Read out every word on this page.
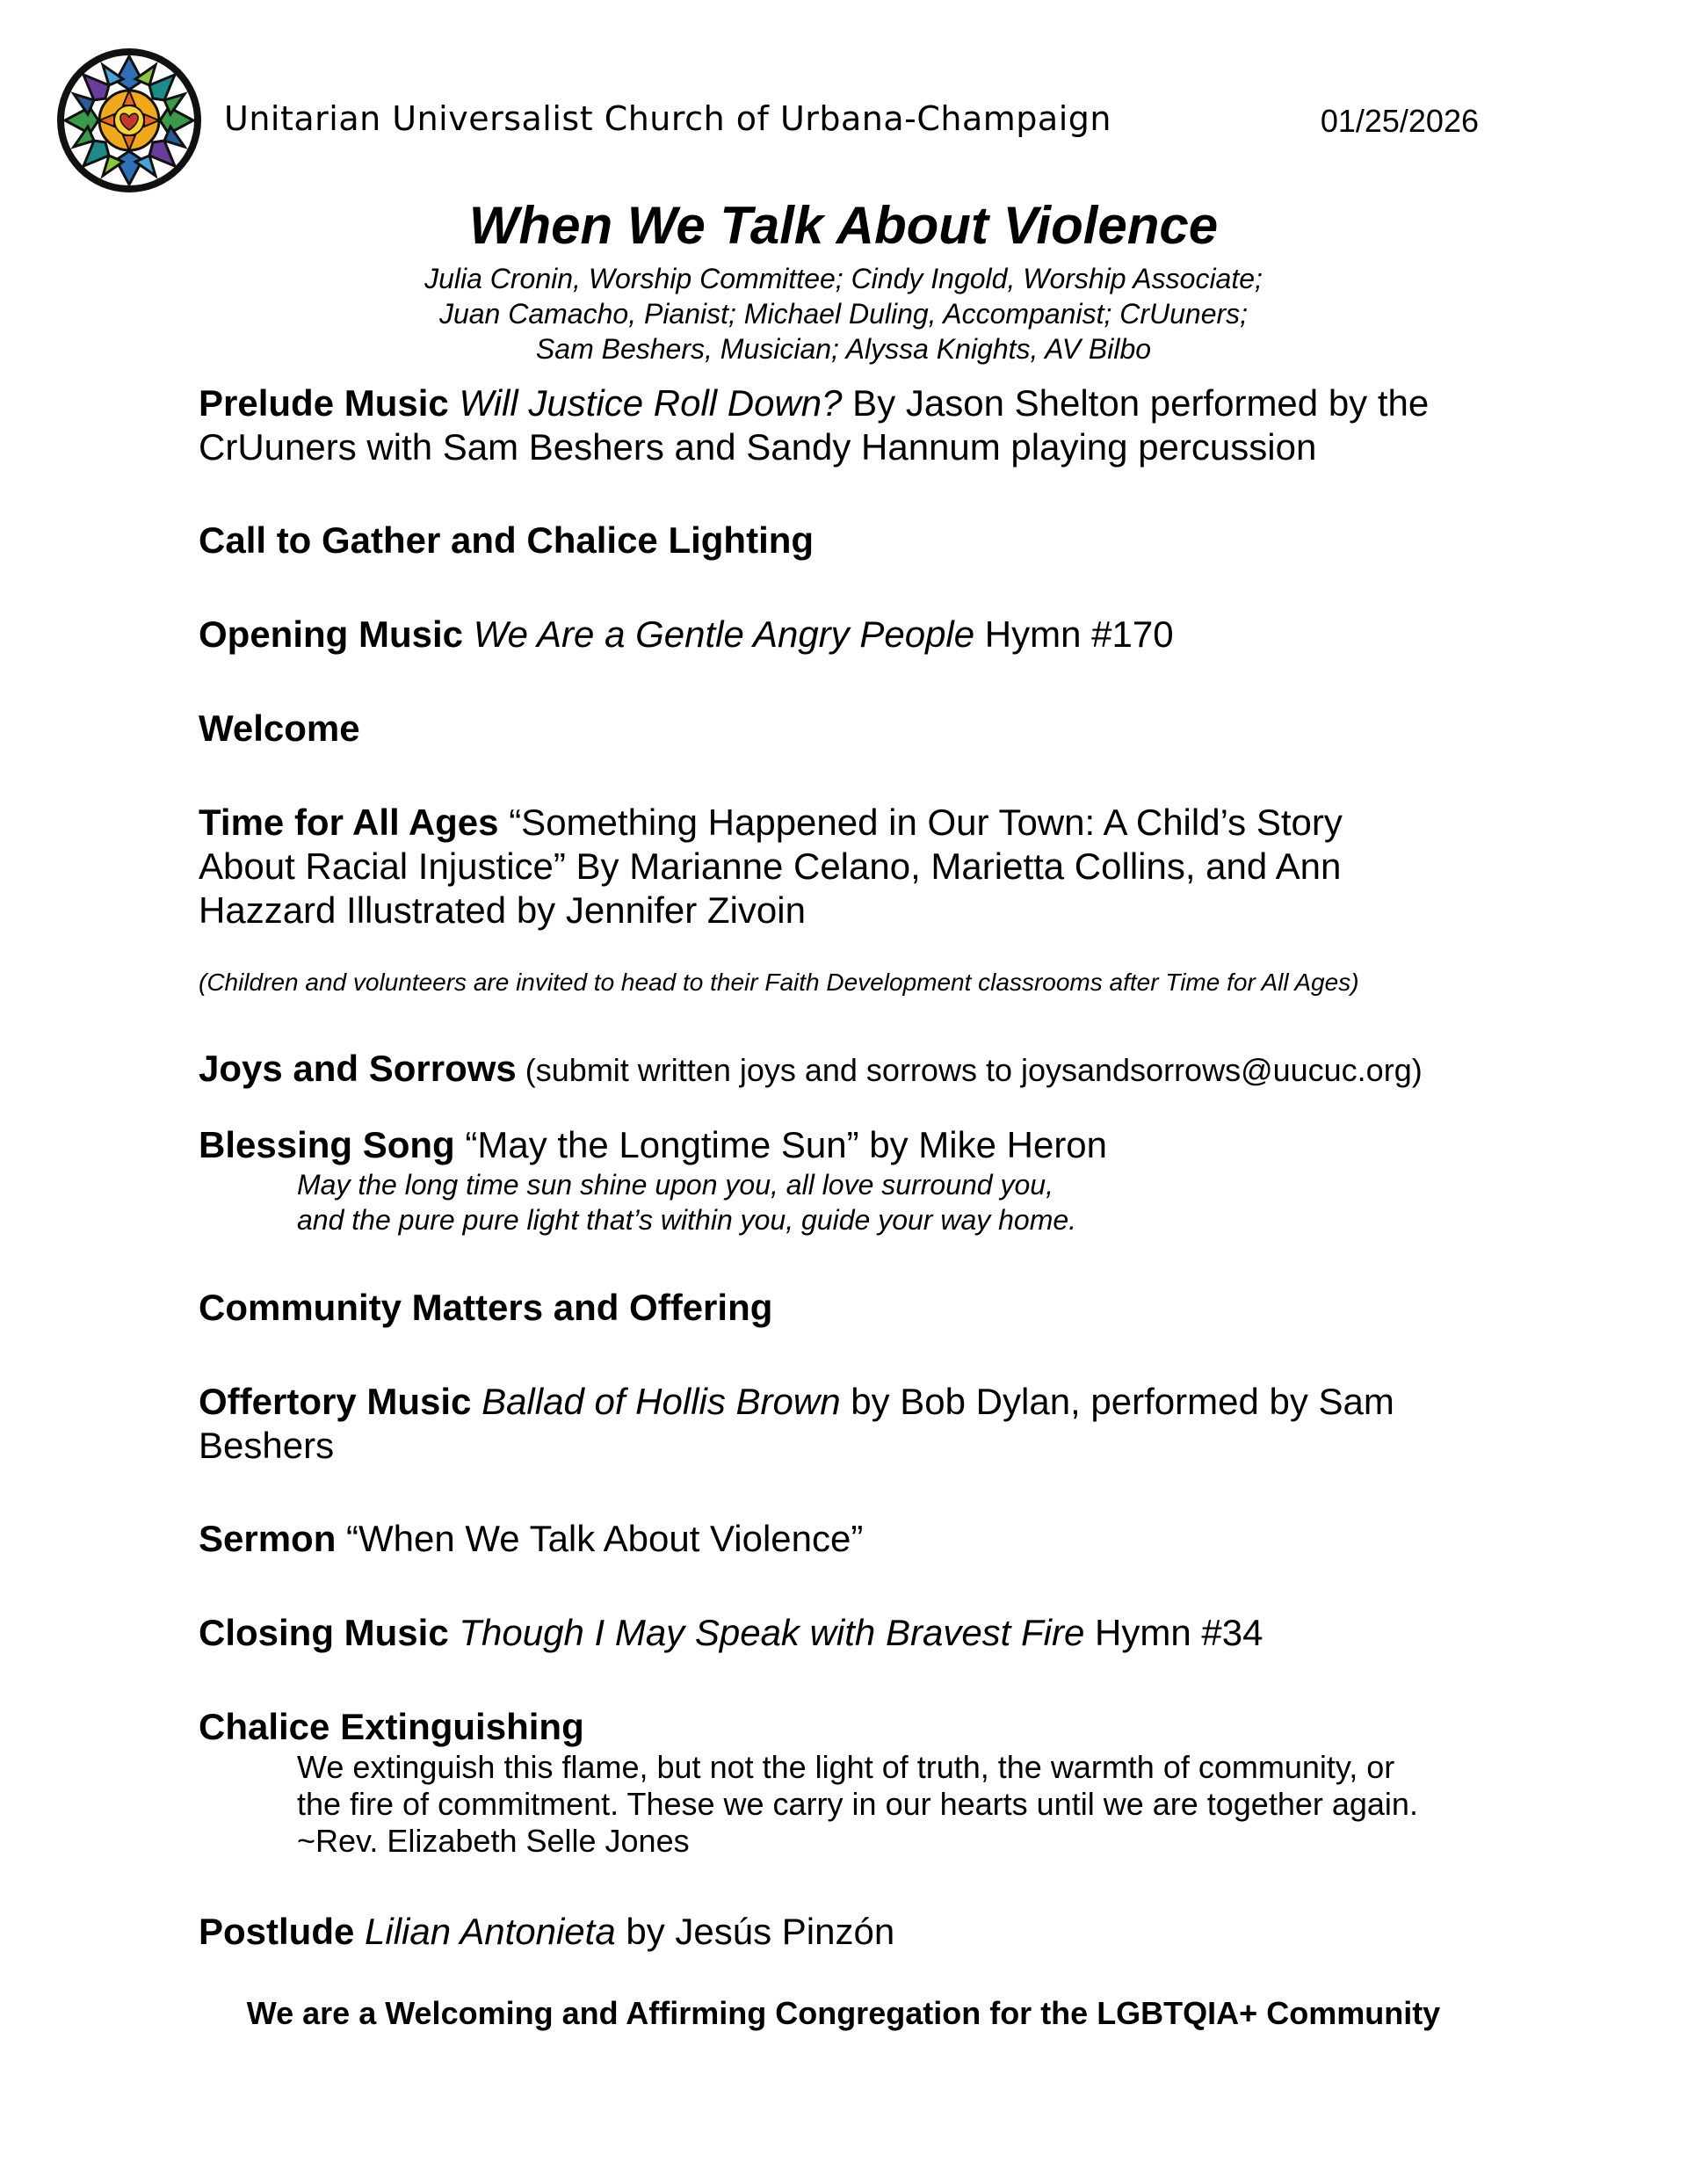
Unitarian Universalist Church of Urbana-Champaign	01/25/2026
When We Talk About Violence
Julia Cronin, Worship Committee; Cindy Ingold, Worship Associate;
Juan Camacho, Pianist; Michael Duling, Accompanist; CrUuners;
Sam Beshers, Musician; Alyssa Knights, AV Bilbo
Prelude Music Will Justice Roll Down? By Jason Shelton performed by the
CrUuners with Sam Beshers and Sandy Hannum playing percussion
Call to Gather and Chalice Lighting
Opening Music We Are a Gentle Angry People Hymn #170
Welcome
Time for All Ages “Something Happened in Our Town: A Child’s Story
About Racial Injustice” By Marianne Celano, Marietta Collins, and Ann
Hazzard Illustrated by Jennifer Zivoin
(Children and volunteers are invited to head to their Faith Development classrooms after Time for All Ages)
Joys and Sorrows (submit written joys and sorrows to joysandsorrows@uucuc.org)
Blessing Song “May the Longtime Sun” by Mike Heron
May the long time sun shine upon you, all love surround you,
and the pure pure light that’s within you, guide your way home.
Community Matters and Offering
Offertory Music Ballad of Hollis Brown by Bob Dylan, performed by Sam
Beshers
Sermon “When We Talk About Violence”
Closing Music Though I May Speak with Bravest Fire Hymn #34
Chalice Extinguishing
We extinguish this flame, but not the light of truth, the warmth of community, or
the fire of commitment. These we carry in our hearts until we are together again.
~Rev. Elizabeth Selle Jones
Postlude Lilian Antonieta by Jesús Pinzón
We are a Welcoming and Affirming Congregation for the LGBTQIA+ Community
